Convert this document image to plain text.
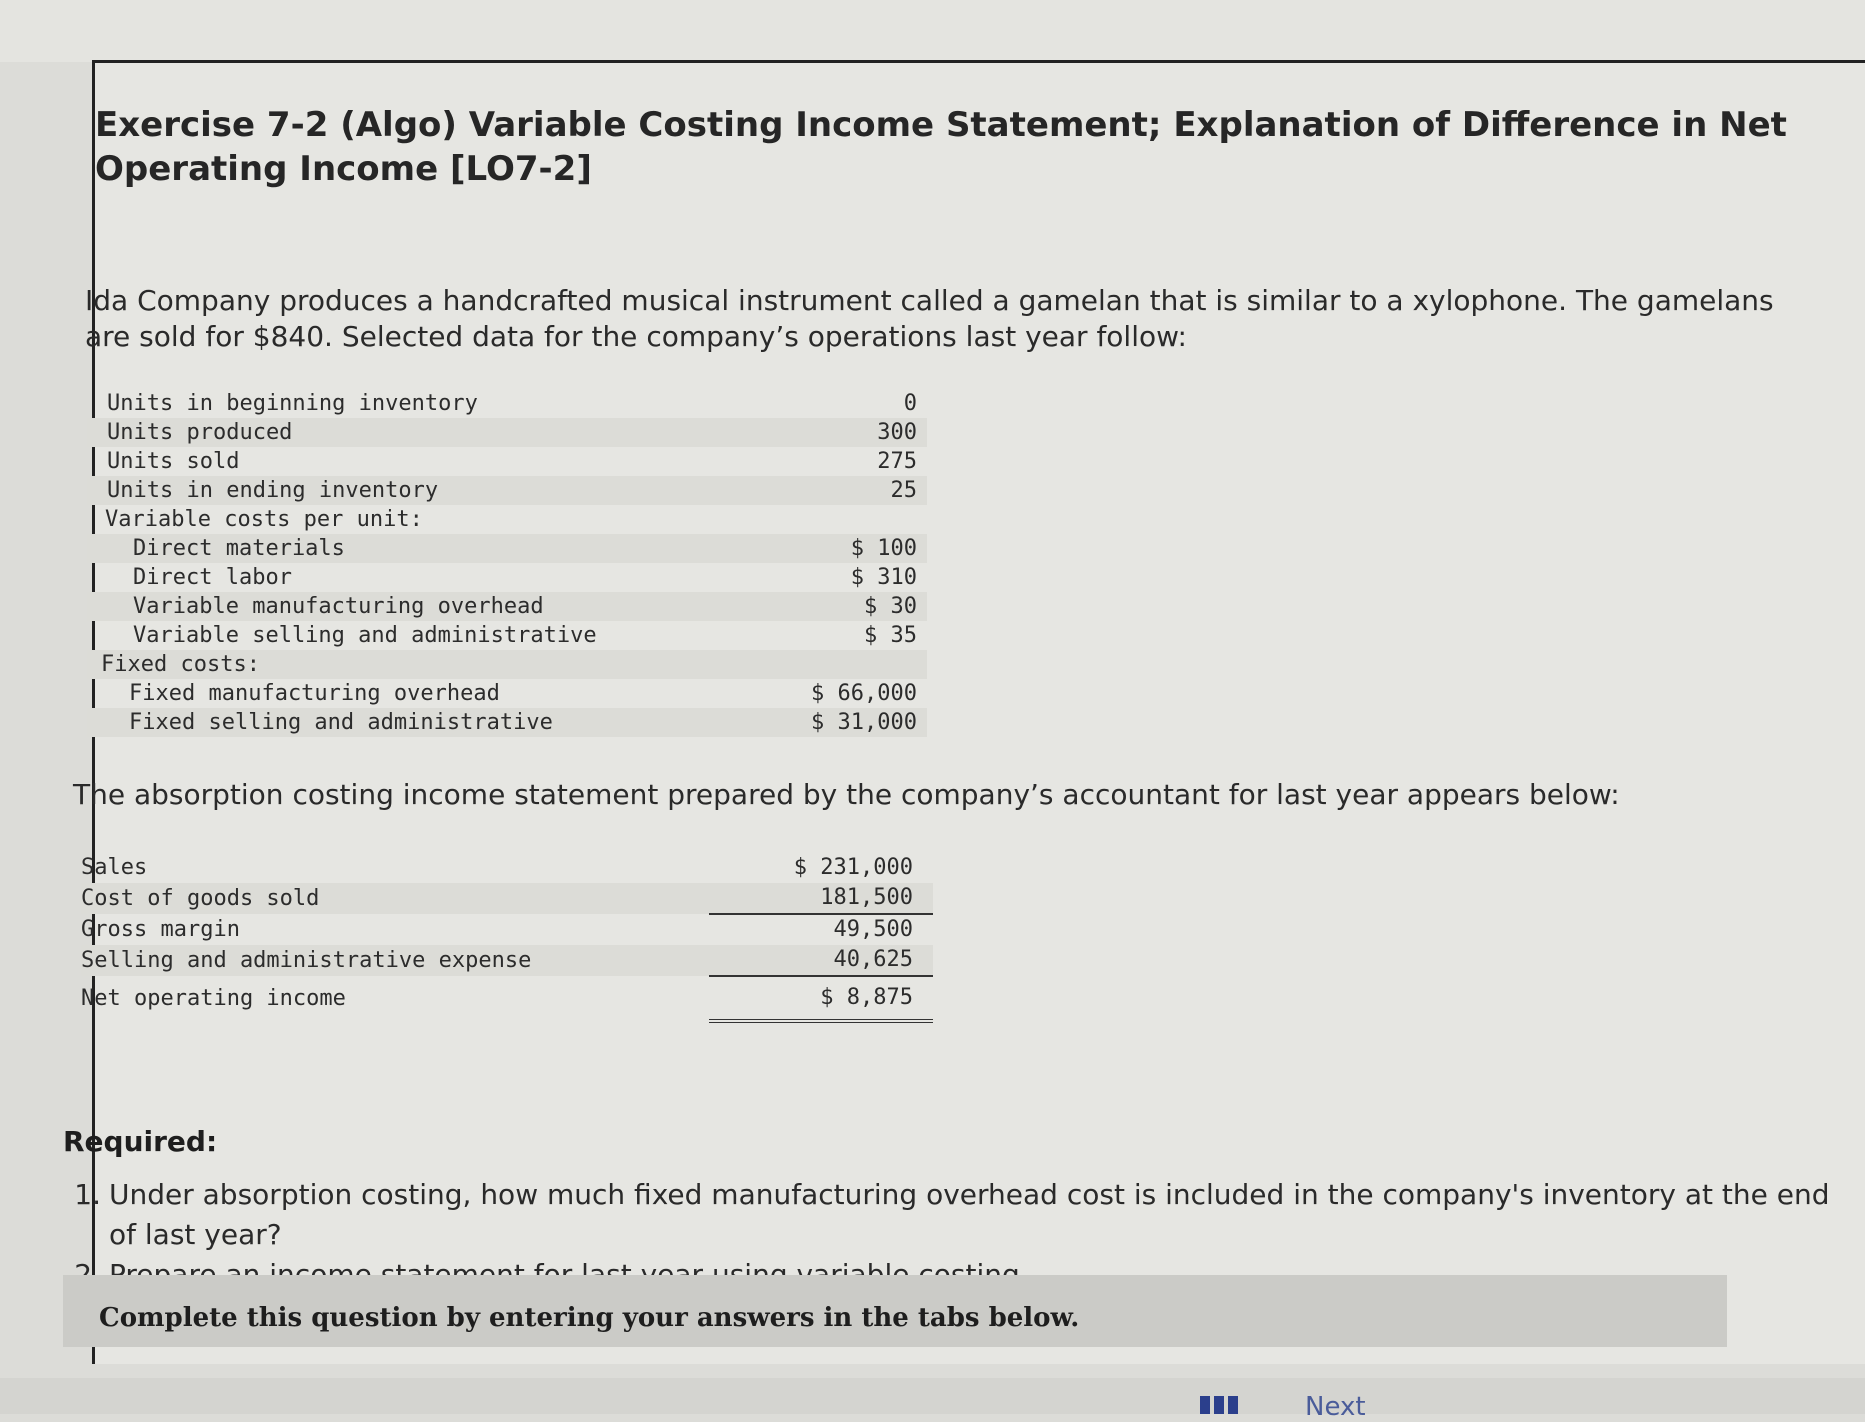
Exercise 7-2 (Algo) Variable Costing Income Statement; Explanation of Difference in Net Operating Income [LO7-2]
Ida Company produces a handcrafted musical instrument called a gamelan that is similar to a xylophone. The gamelans are sold for $840. Selected data for the company’s operations last year follow:
Units in beginning inventory	0
Units produced	300
Units sold	275
Units in ending inventory	25
Variable costs per unit:	
Direct materials	$ 100
Direct labor	$ 310
Variable manufacturing overhead	$ 30
Variable selling and administrative	$ 35
Fixed costs:	
Fixed manufacturing overhead	$ 66,000
Fixed selling and administrative	$ 31,000
The absorption costing income statement prepared by the company’s accountant for last year appears below:
Sales	$ 231,000
Cost of goods sold	181,500
Gross margin	49,500
Selling and administrative expense	40,625
Net operating income	$ 8,875
Required:
1. Under absorption costing, how much fixed manufacturing overhead cost is included in the company's inventory at the end of last year?
Complete this question by entering your answers in the tabs below.
Next
